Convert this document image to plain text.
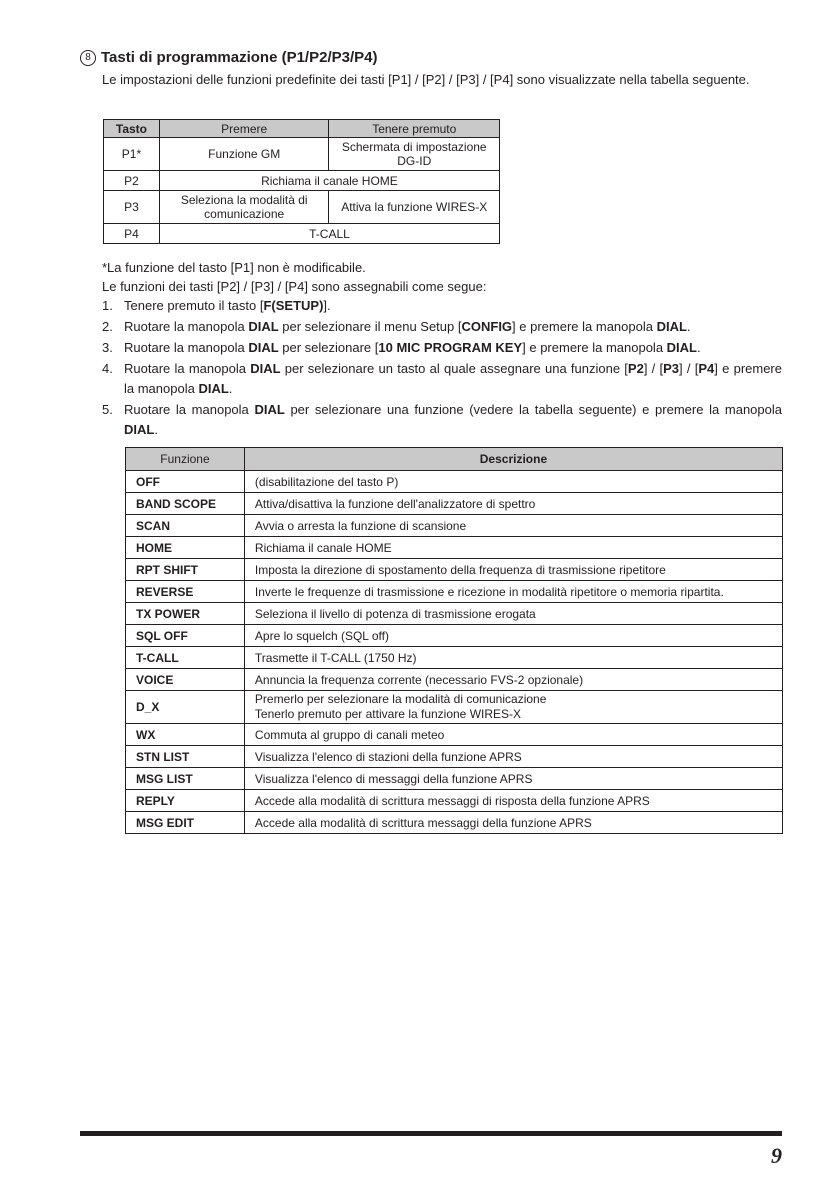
8 Tasti di programmazione (P1/P2/P3/P4)
Le impostazioni delle funzioni predefinite dei tasti [P1] / [P2] / [P3] / [P4] sono visualizzate nella tabella seguente.
Tasto	Premere	Tenere premuto
P1*	Funzione GM	Schermata di impostazione DG-ID
P2	Richiama il canale HOME	
P3	Seleziona la modalità di comunicazione	Attiva la funzione WIRES-X
P4	T-CALL	
*La funzione del tasto [P1] non è modificabile.
Le funzioni dei tasti [P2] / [P3] / [P4] sono assegnabili come segue:
1. Tenere premuto il tasto [F(SETUP)].
2. Ruotare la manopola DIAL per selezionare il menu Setup [CONFIG] e premere la manopola DIAL.
3. Ruotare la manopola DIAL per selezionare [10 MIC PROGRAM KEY] e premere la manopola DIAL.
4. Ruotare la manopola DIAL per selezionare un tasto al quale assegnare una funzione [P2] / [P3] / [P4] e premere la manopola DIAL.
5. Ruotare la manopola DIAL per selezionare una funzione (vedere la tabella seguente) e premere la manopola DIAL.
Funzione	Descrizione
OFF	(disabilitazione del tasto P)
BAND SCOPE	Attiva/disattiva la funzione dell'analizzatore di spettro
SCAN	Avvia o arresta la funzione di scansione
HOME	Richiama il canale HOME
RPT SHIFT	Imposta la direzione di spostamento della frequenza di trasmissione ripetitore
REVERSE	Inverte le frequenze di trasmissione e ricezione in modalità ripetitore o memoria ripartita.
TX POWER	Seleziona il livello di potenza di trasmissione erogata
SQL OFF	Apre lo squelch (SQL off)
T-CALL	Trasmette il T-CALL (1750 Hz)
VOICE	Annuncia la frequenza corrente (necessario FVS-2 opzionale)
D_X	Premerlo per selezionare la modalità di comunicazione
Tenerlo premuto per attivare la funzione WIRES-X

WX	Commuta al gruppo di canali meteo
STN LIST	Visualizza l'elenco di stazioni della funzione APRS
MSG LIST	Visualizza l'elenco di messaggi della funzione APRS
REPLY	Accede alla modalità di scrittura messaggi di risposta della funzione APRS
MSG EDIT	Accede alla modalità di scrittura messaggi della funzione APRS
9
